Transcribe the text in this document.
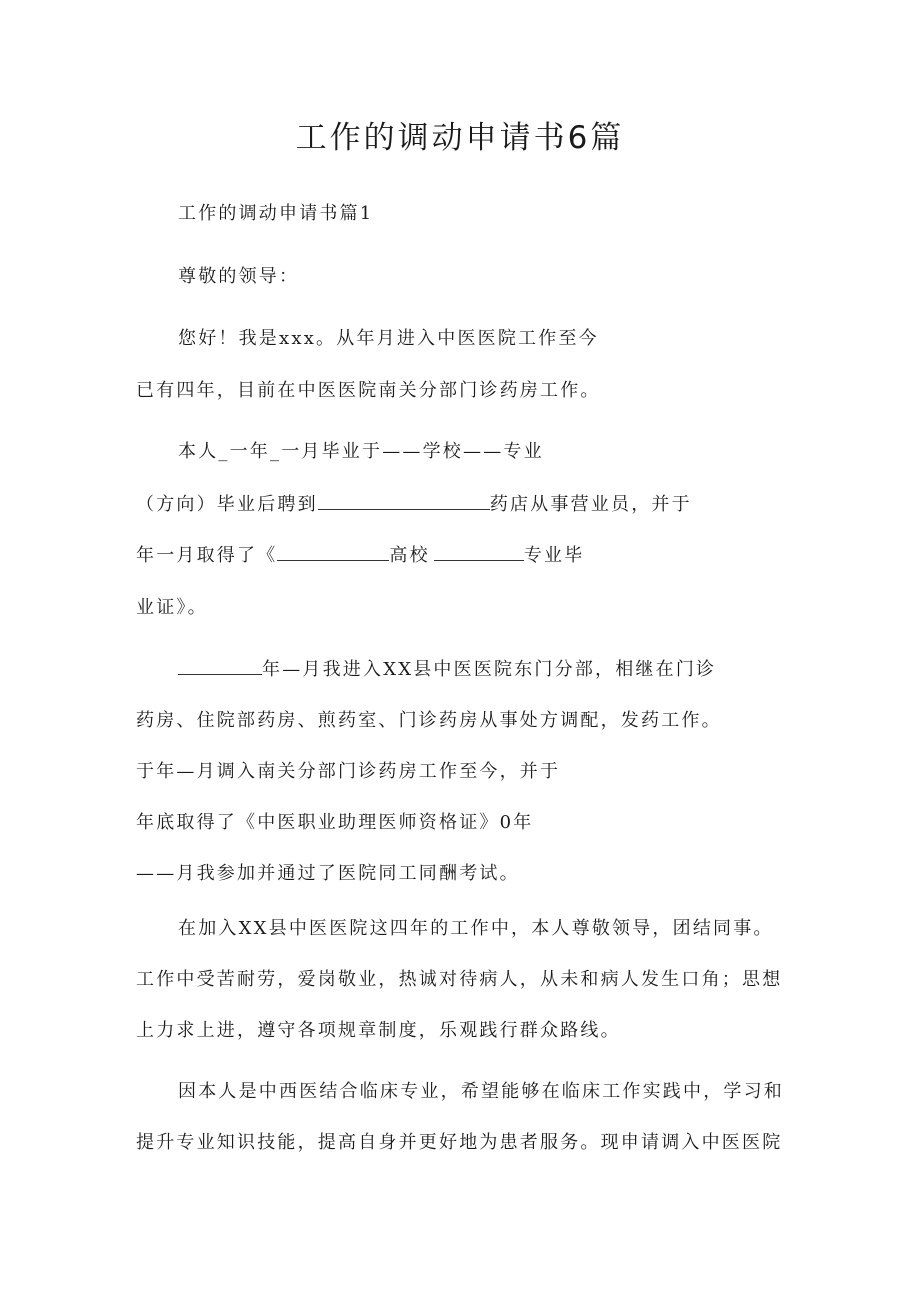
工作的调动申请书6篇
工作的调动申请书篇1
尊敬的领导：
您好！我是xxx。从年月进入中医医院工作至今
已有四年，目前在中医医院南关分部门诊药房工作。
本人_一年_一月毕业于——学校——专业
（方向）毕业后聘到	药店从事营业员，并于
年一月取得了《	高校	专业毕
业证》。
年—月我进入XX县中医医院东门分部，相继在门诊
药房、住院部药房、煎药室、门诊药房从事处方调配，发药工作。
于年—月调入南关分部门诊药房工作至今，并于
年底取得了《中医职业助理医师资格证》0年
——月我参加并通过了医院同工同酬考试。
在加入XX县中医医院这四年的工作中，本人尊敬领导，团结同事。
工作中受苦耐劳，爱岗敬业，热诚对待病人，从未和病人发生口角；思想
上力求上进，遵守各项规章制度，乐观践行群众路线。
因本人是中西医结合临床专业，希望能够在临床工作实践中，学习和
提升专业知识技能，提高自身并更好地为患者服务。现申请调入中医医院
